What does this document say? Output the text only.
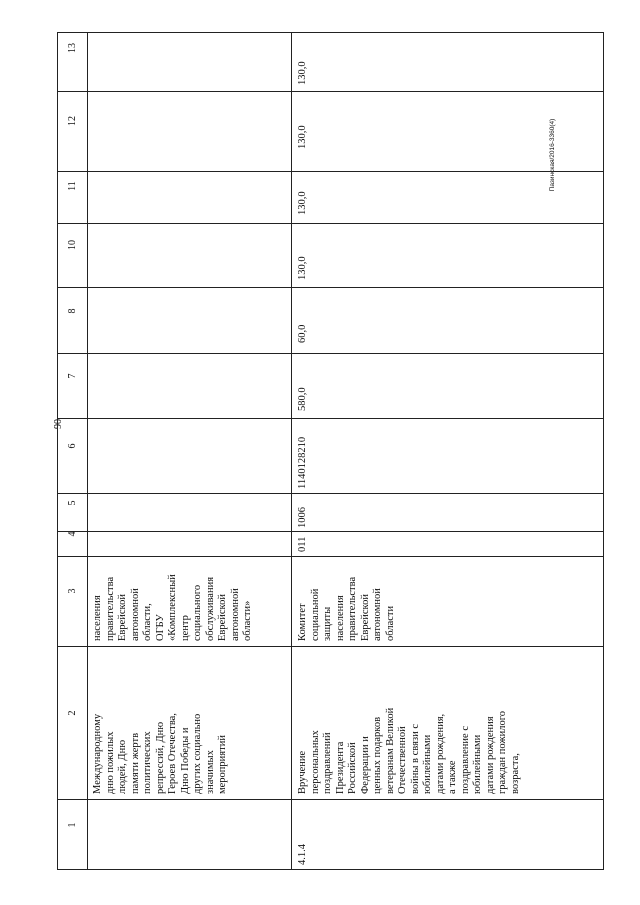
90
Пазинская/2016-3360(4)
13
12
11
10
8
7
6
5
4
3
2
1

Международному дню пожилых людей, Дню памяти жертв политических репрессий, Дню Героев Отечества, Дню Победы и других социально значимых мероприятий

населения правительства Еврейской автономной области, ОГБУ «Комплексный центр социального обслуживания Еврейской автономной области»

4.1.4

Вручение персональных поздравлений Президента Российской Федерации и ценных подарков ветеранам Великой Отечественной войны в связи с юбилейными датами рождения, а также поздравление с юбилейными датами рождения граждан пожилого возраста,

Комитет социальной защиты населения правительства Еврейской автономной области

011
1006
1140128210
580,0
60,0
130,0
130,0
130,0
130,0
